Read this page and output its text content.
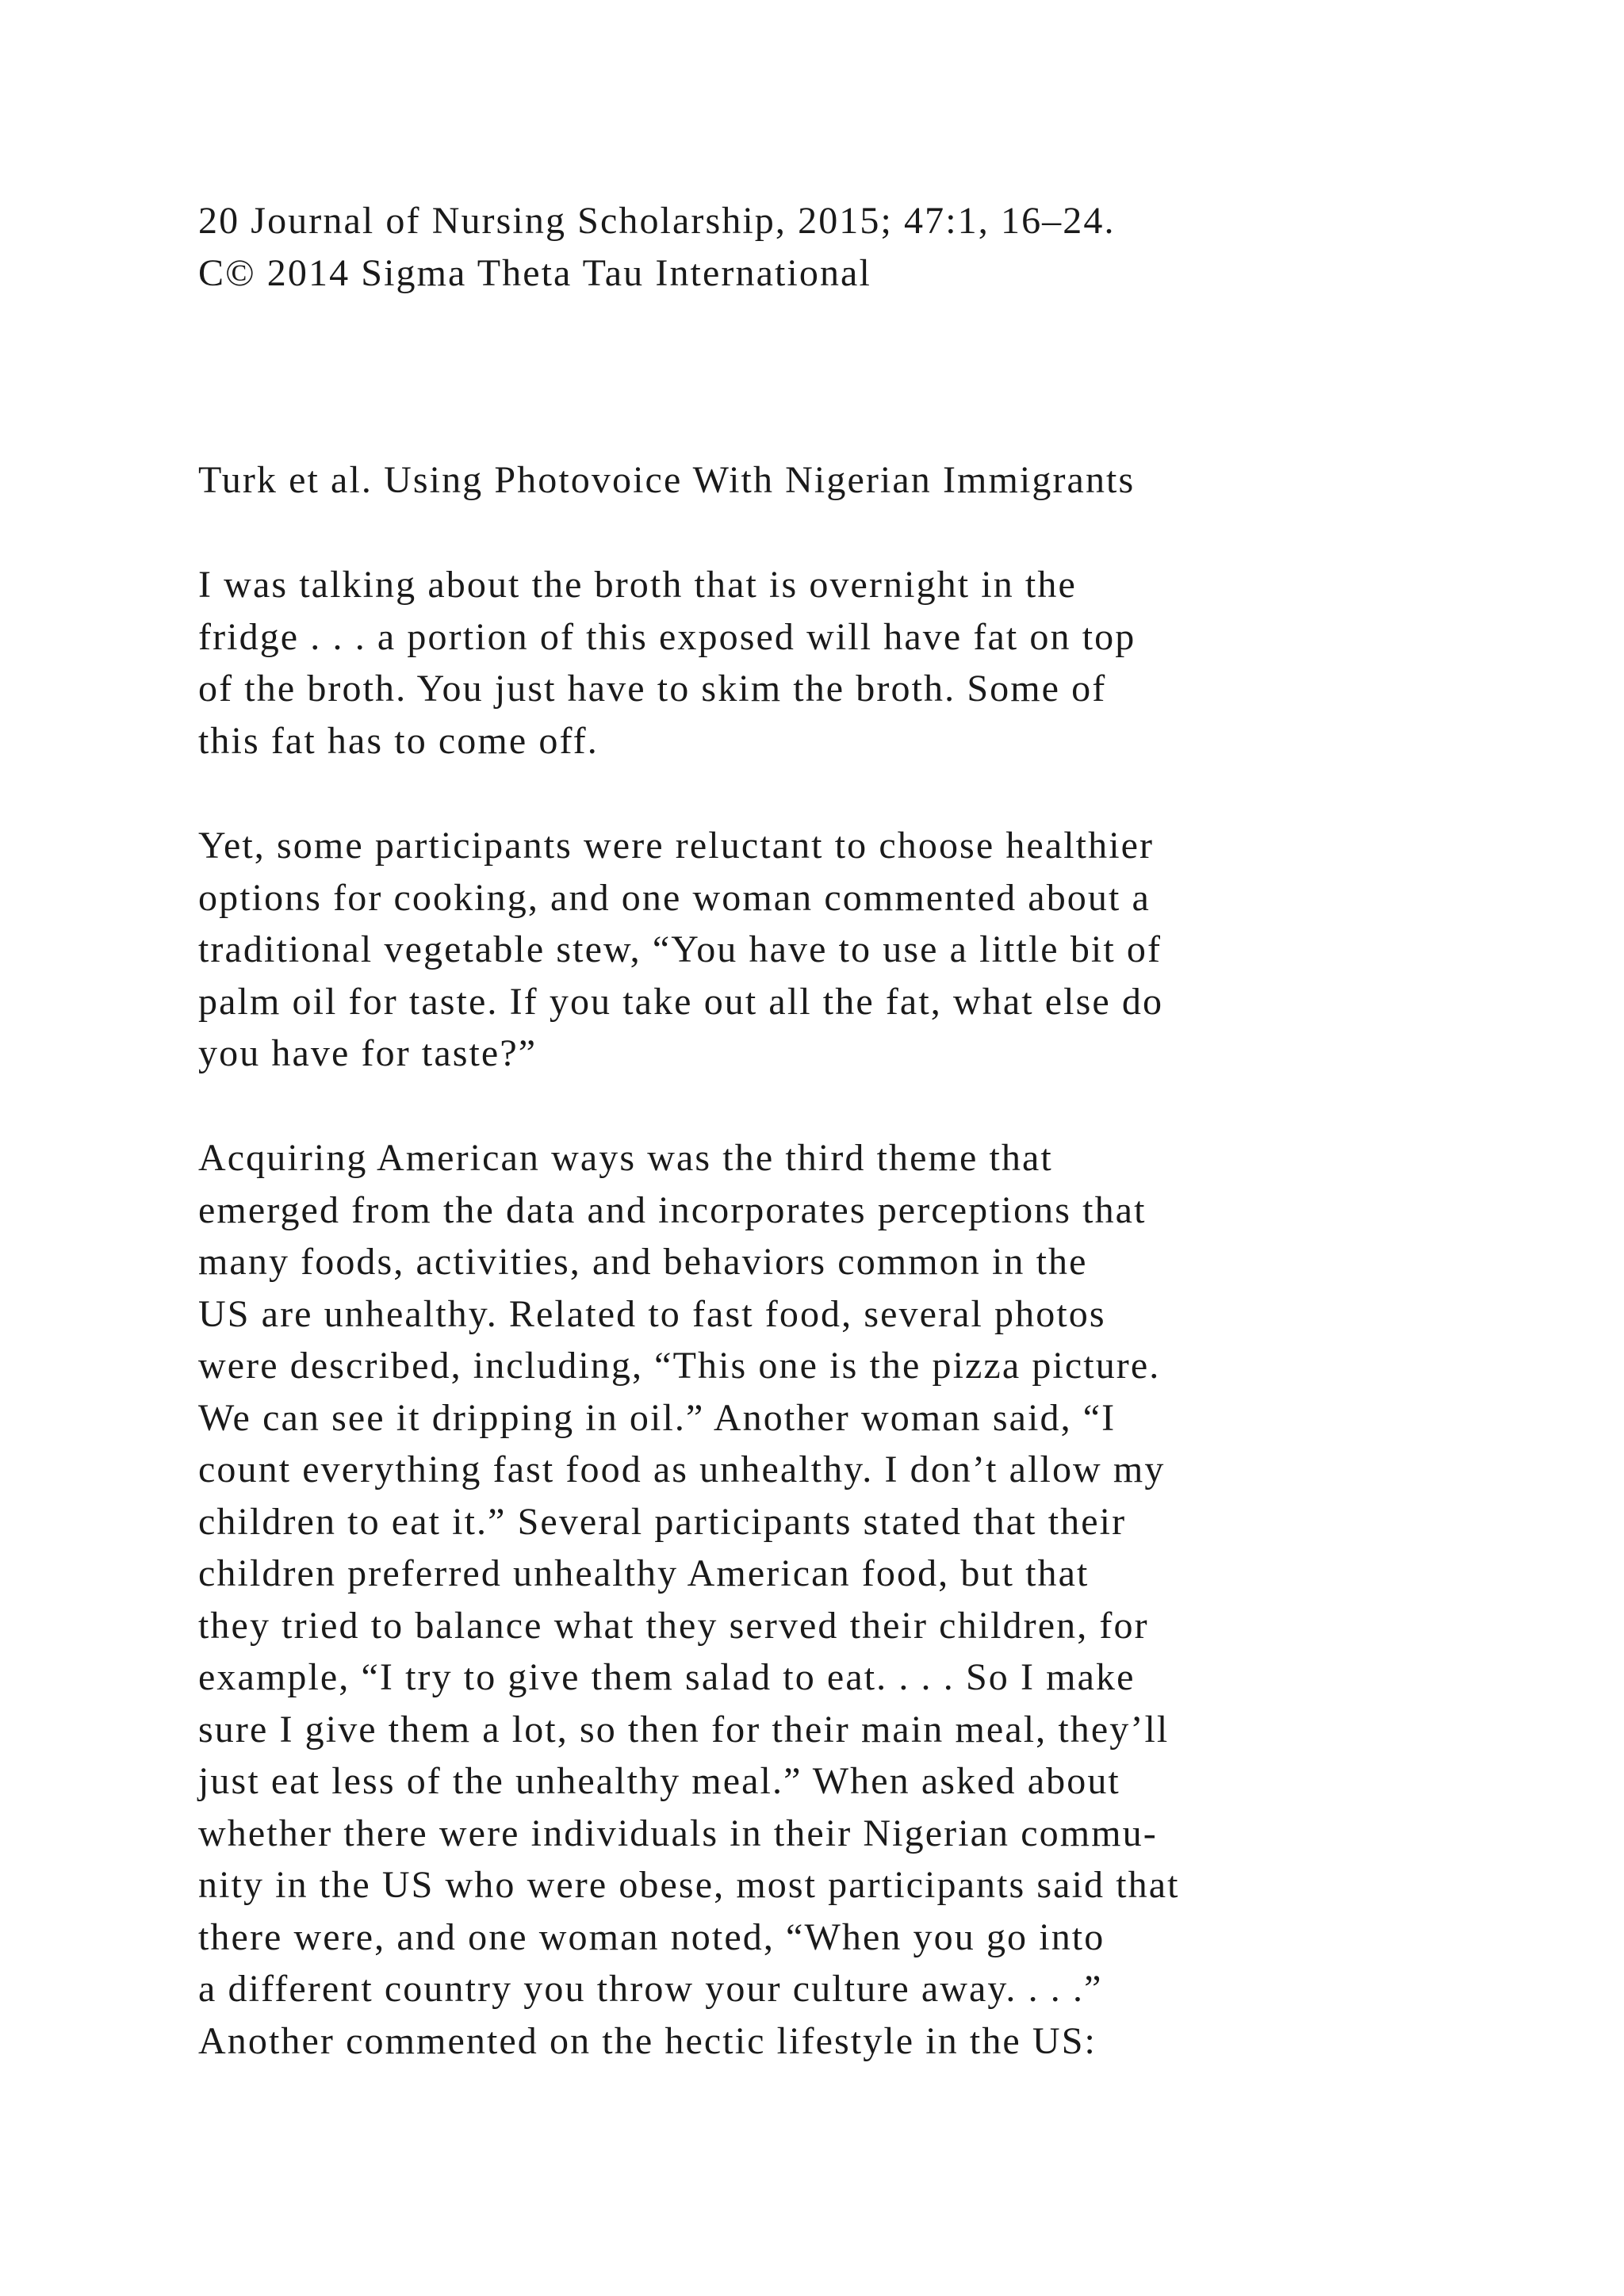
20 Journal of Nursing Scholarship, 2015; 47:1, 16–24.
C© 2014 Sigma Theta Tau International
Turk et al. Using Photovoice With Nigerian Immigrants
I was talking about the broth that is overnight in the
fridge . . . a portion of this exposed will have fat on top
of the broth. You just have to skim the broth. Some of
this fat has to come off.
Yet, some participants were reluctant to choose healthier
options for cooking, and one woman commented about a
traditional vegetable stew, “You have to use a little bit of
palm oil for taste. If you take out all the fat, what else do
you have for taste?”
Acquiring American ways was the third theme that
emerged from the data and incorporates perceptions that
many foods, activities, and behaviors common in the
US are unhealthy. Related to fast food, several photos
were described, including, “This one is the pizza picture.
We can see it dripping in oil.” Another woman said, “I
count everything fast food as unhealthy. I don’t allow my
children to eat it.” Several participants stated that their
children preferred unhealthy American food, but that
they tried to balance what they served their children, for
example, “I try to give them salad to eat. . . . So I make
sure I give them a lot, so then for their main meal, they’ll
just eat less of the unhealthy meal.” When asked about
whether there were individuals in their Nigerian commu-
nity in the US who were obese, most participants said that
there were, and one woman noted, “When you go into
a different country you throw your culture away. . . .”
Another commented on the hectic lifestyle in the US:
